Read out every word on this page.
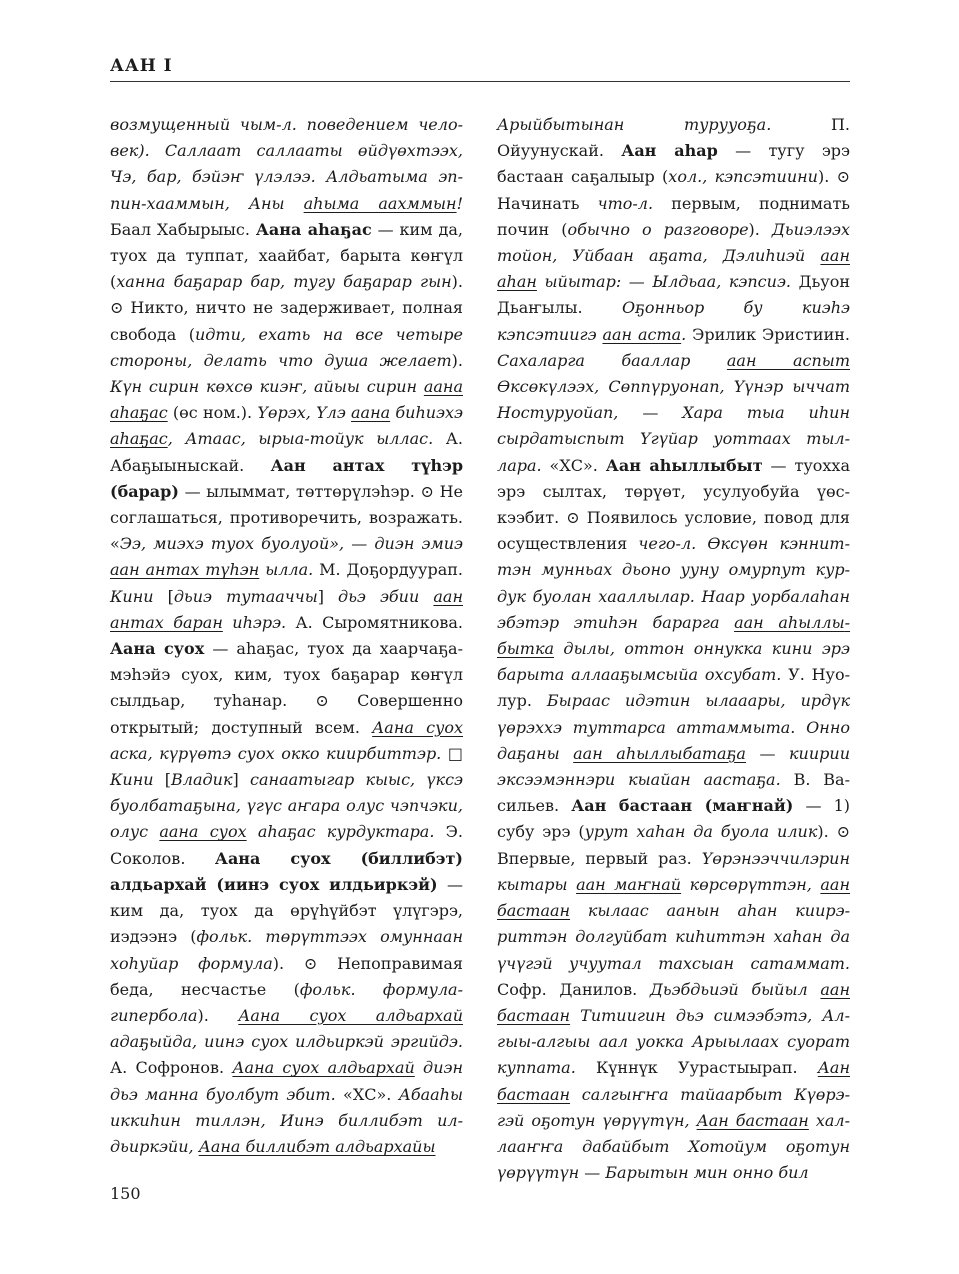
ААН I

возмущенный чым-л. поведением человек). Саллаат саллааты өйдүөхтээх, Чэ, бар, бэйэҥ үлэлээ. Алдьатыма эппин-хааммын, Аны аһыма аахммын! Баал Хабырыыс. Аана аһаҕас — ким да, туох да туппат, хаайбат, барыта көҥүл (ханна баҕарар бар, тугу баҕарар гын). ⊙ Никто, ничто не задерживает, полная свобода (идти, ехать на все четыре стороны, делать что душа желает). Күн сирин көхсө киэҥ, айыы сирин аана аһаҕас (өс ном.). Үөрэх, Үлэ аана биһиэхэ аһаҕас, Атаас, ырыа-тойук ыллас. А. Абаҕыыныскай. Аан антах түһэр (барар) — ылыммат, төттөрүлэһэр. ⊙ Не соглашаться, противоречить, возражать. «Ээ, миэхэ туох буолуой», — диэн эмиэ аан антах түһэн ылла. М. Доҕордуурап. Кини [дьиэ тутааччы] дьэ эбии аан антах баран иһэрэ. А. Сыромятникова. Аана суох — аһаҕас, туох да хаарчаҕа-мэһэйэ суох, ким, туох баҕарар көҥүл сылдьар, туһанар. ⊙ Совершенно открытый; доступный всем. Аана суох аска, күрүөтэ суох окко киирбиттэр. □ Кини [Владик] санаатыгар кыыс, үксэ буолбатаҕына, үгүс аҥара олус чэпчэки, олус аана суох аһаҕас курдуктара. Э. Соколов. Аана суох (биллибэт) алдьархай (иинэ суох илдьиркэй) — ким да, туох да өрүһүйбэт үлүгэрэ, иэдээнэ (фольк. төрүттээх омуннаан хоһуйар формула). ⊙ Непоправимая беда, несчастье (фольк. формула-гипербола). Аана суох алдьархай адаҕыйда, иинэ суох илдьиркэй эргийдэ. А. Софронов. Аана суох алдьархай диэн дьэ манна буолбут эбит. «ХС». Абааһы иккиһин тиллэн, Иинэ биллибэт илдьиркэйи, Аана биллибэт алдьархайы

Арыйбытынан турууоҕа. П. Ойуунускай. Аан аһар — тугу эрэ бастаан саҕалыыр (хол., кэпсэтиини). ⊙ Начинать что-л. первым, поднимать почин (обычно о разговоре). Дьиэлээх тойон, Уйбаан аҕата, Дэлиһиэй аан аһан ыйытар: — Ылдьаа, кэпсиэ. Дьуон Дьаҥылы. Оҕонньор бу киэһэ кэпсэтиигэ аан аста. Эрилик Эристиин. Сахаларга бааллар аан аспыт Өксөкүлээх, Сөппүруонап, Үүнэр ыччат Ностуруойап, — Хара тыа иһин сырдатыспыт Үгүйар уоттаах тыллара. «ХС». Аан аһыллыбыт — туохха эрэ сылтах, төрүөт, усулуобуйа үөскээбит. ⊙ Появилось условие, повод для осуществления чего-л. Өксүөн кэнниттэн мунньах дьоно ууну омурпут курдук буолан хааллылар. Наар уорбалаһан эбэтэр этиһэн бараргa аан аһыллыбытка дылы, оттон оннукка кини эрэ барыта аллааҕымсыйа охсубат. У. Нуолур. Быраас идэтин ылааары, ирдүк үөрэххэ туттарса аттаммыта. Онно даҕаны аан аһыллыбатаҕа — киирии эксээмэннэри кыайан аастаҕа. В. Васильев. Аан бастаан (маҥнай) — 1) субу эрэ (урут хаһан да буола илик). ⊙ Впервые, первый раз. Үөрэнээччилэрин кытары аан маҥнай көрсөрүттэн, аан бастаан кылаас аанын аһан киирэриттэн долгуйбат киһиттэн хаһан да үчүгэй учуутал тахсыан сатаммат. Софр. Данилов. Дьэбдьиэй быйыл аан бастаан Титиигин дьэ симээбэтэ, Алгыы-алгыы аал уокка Арыылаах суорат куппата. Күннүк Уурастыырап. Аан бастаан салгыҥҥа тайаарбыт Күөрэгэй оҕотун үөрүүтүн, Аан бастаан халлааҥҥа дабайбыт Хотойум оҕотун үөрүүтүн — Барытын мин онно бил

150
